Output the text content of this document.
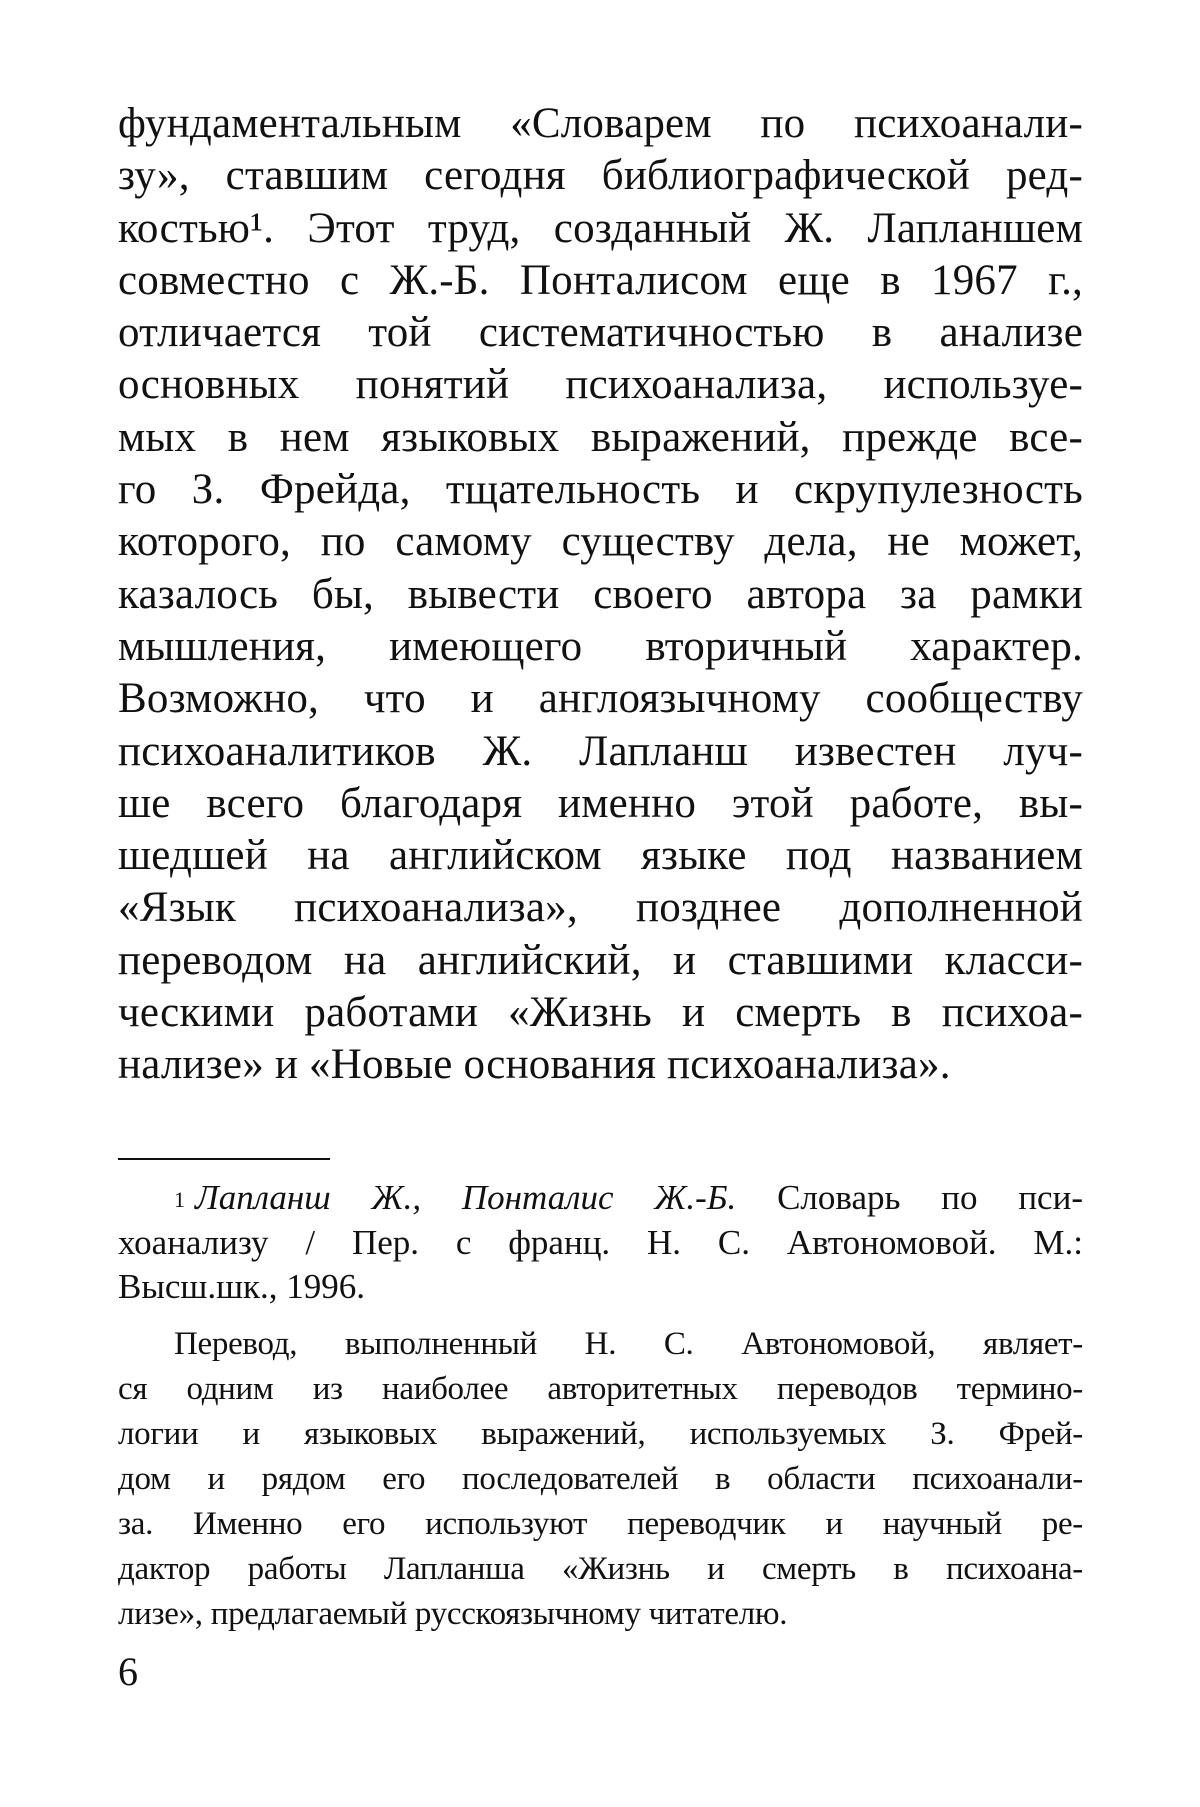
фундаментальным «Словарем по психоанали-
зу», ставшим сегодня библиографической ред-
костью¹. Этот труд, созданный Ж. Лапланшем
совместно с Ж.-Б. Понталисом еще в 1967 г.,
отличается той систематичностью в анализе
основных понятий психоанализа, используе-
мых в нем языковых выражений, прежде все-
го З. Фрейда, тщательность и скрупулезность
которого, по самому существу дела, не может,
казалось бы, вывести своего автора за рамки
мышления, имеющего вторичный характер.
Возможно, что и англоязычному сообществу
психоаналитиков Ж. Лапланш известен луч-
ше всего благодаря именно этой работе, вы-
шедшей на английском языке под названием
«Язык психоанализа», позднее дополненной
переводом на английский, и ставшими класси-
ческими работами «Жизнь и смерть в психоа-
нализе» и «Новые основания психоанализа».
$^1$ Лапланш Ж., Понталис Ж.-Б. Словарь по пси-
хоанализу / Пер. с франц. Н. С. Автономовой. М.:
Высш.шк., 1996.
Перевод, выполненный Н. С. Автономовой, являет-
ся одним из наиболее авторитетных переводов термино-
логии и языковых выражений, используемых З. Фрей-
дом и рядом его последователей в области психоанали-
за. Именно его используют переводчик и научный ре-
дактор работы Лапланша «Жизнь и смерть в психоана-
лизе», предлагаемый русскоязычному читателю.
6
